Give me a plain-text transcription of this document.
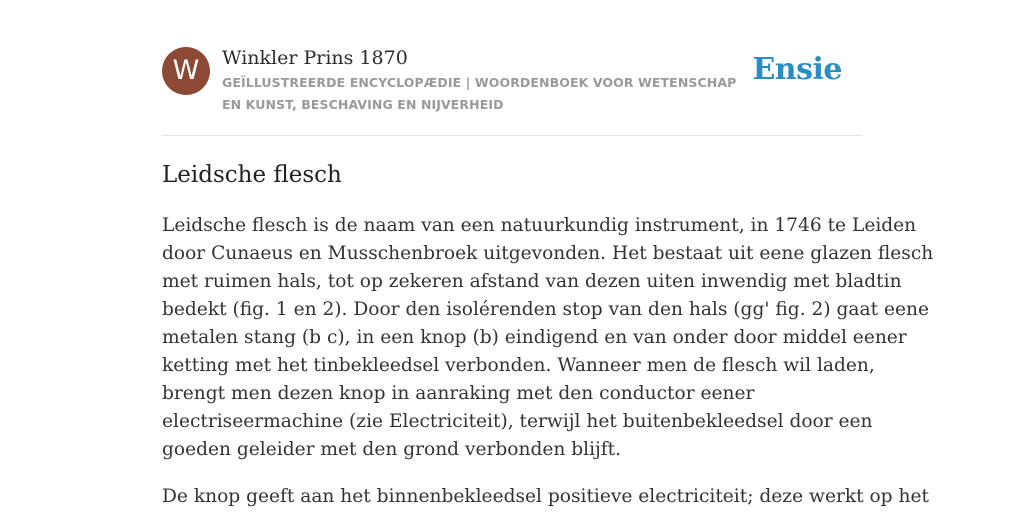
W	Winkler Prins 1870
GEÏLLUSTREERDE ENCYCLOPÆDIE | WOORDENBOEK VOOR WETENSCHAP EN KUNST, BESCHAVING EN NIJVERHEID
Ensie
Leidsche flesch

Leidsche flesch is de naam van een natuurkundig instrument, in 1746 te Leiden
door Cunaeus en Musschenbroek uitgevonden. Het bestaat uit eene glazen flesch
met ruimen hals, tot op zekeren afstand van dezen uiten inwendig met bladtin
bedekt (fig. 1 en 2). Door den isolérenden stop van den hals (gg' fig. 2) gaat eene
metalen stang (b c), in een knop (b) eindigend en van onder door middel eener
ketting met het tinbekleedsel verbonden. Wanneer men de flesch wil laden,
brengt men dezen knop in aanraking met den conductor eener
electriseermachine (zie Electriciteit), terwijl het buitenbekleedsel door een
goeden geleider met den grond verbonden blijft.

De knop geeft aan het binnenbekleedsel positieve electriciteit; deze werkt op het
